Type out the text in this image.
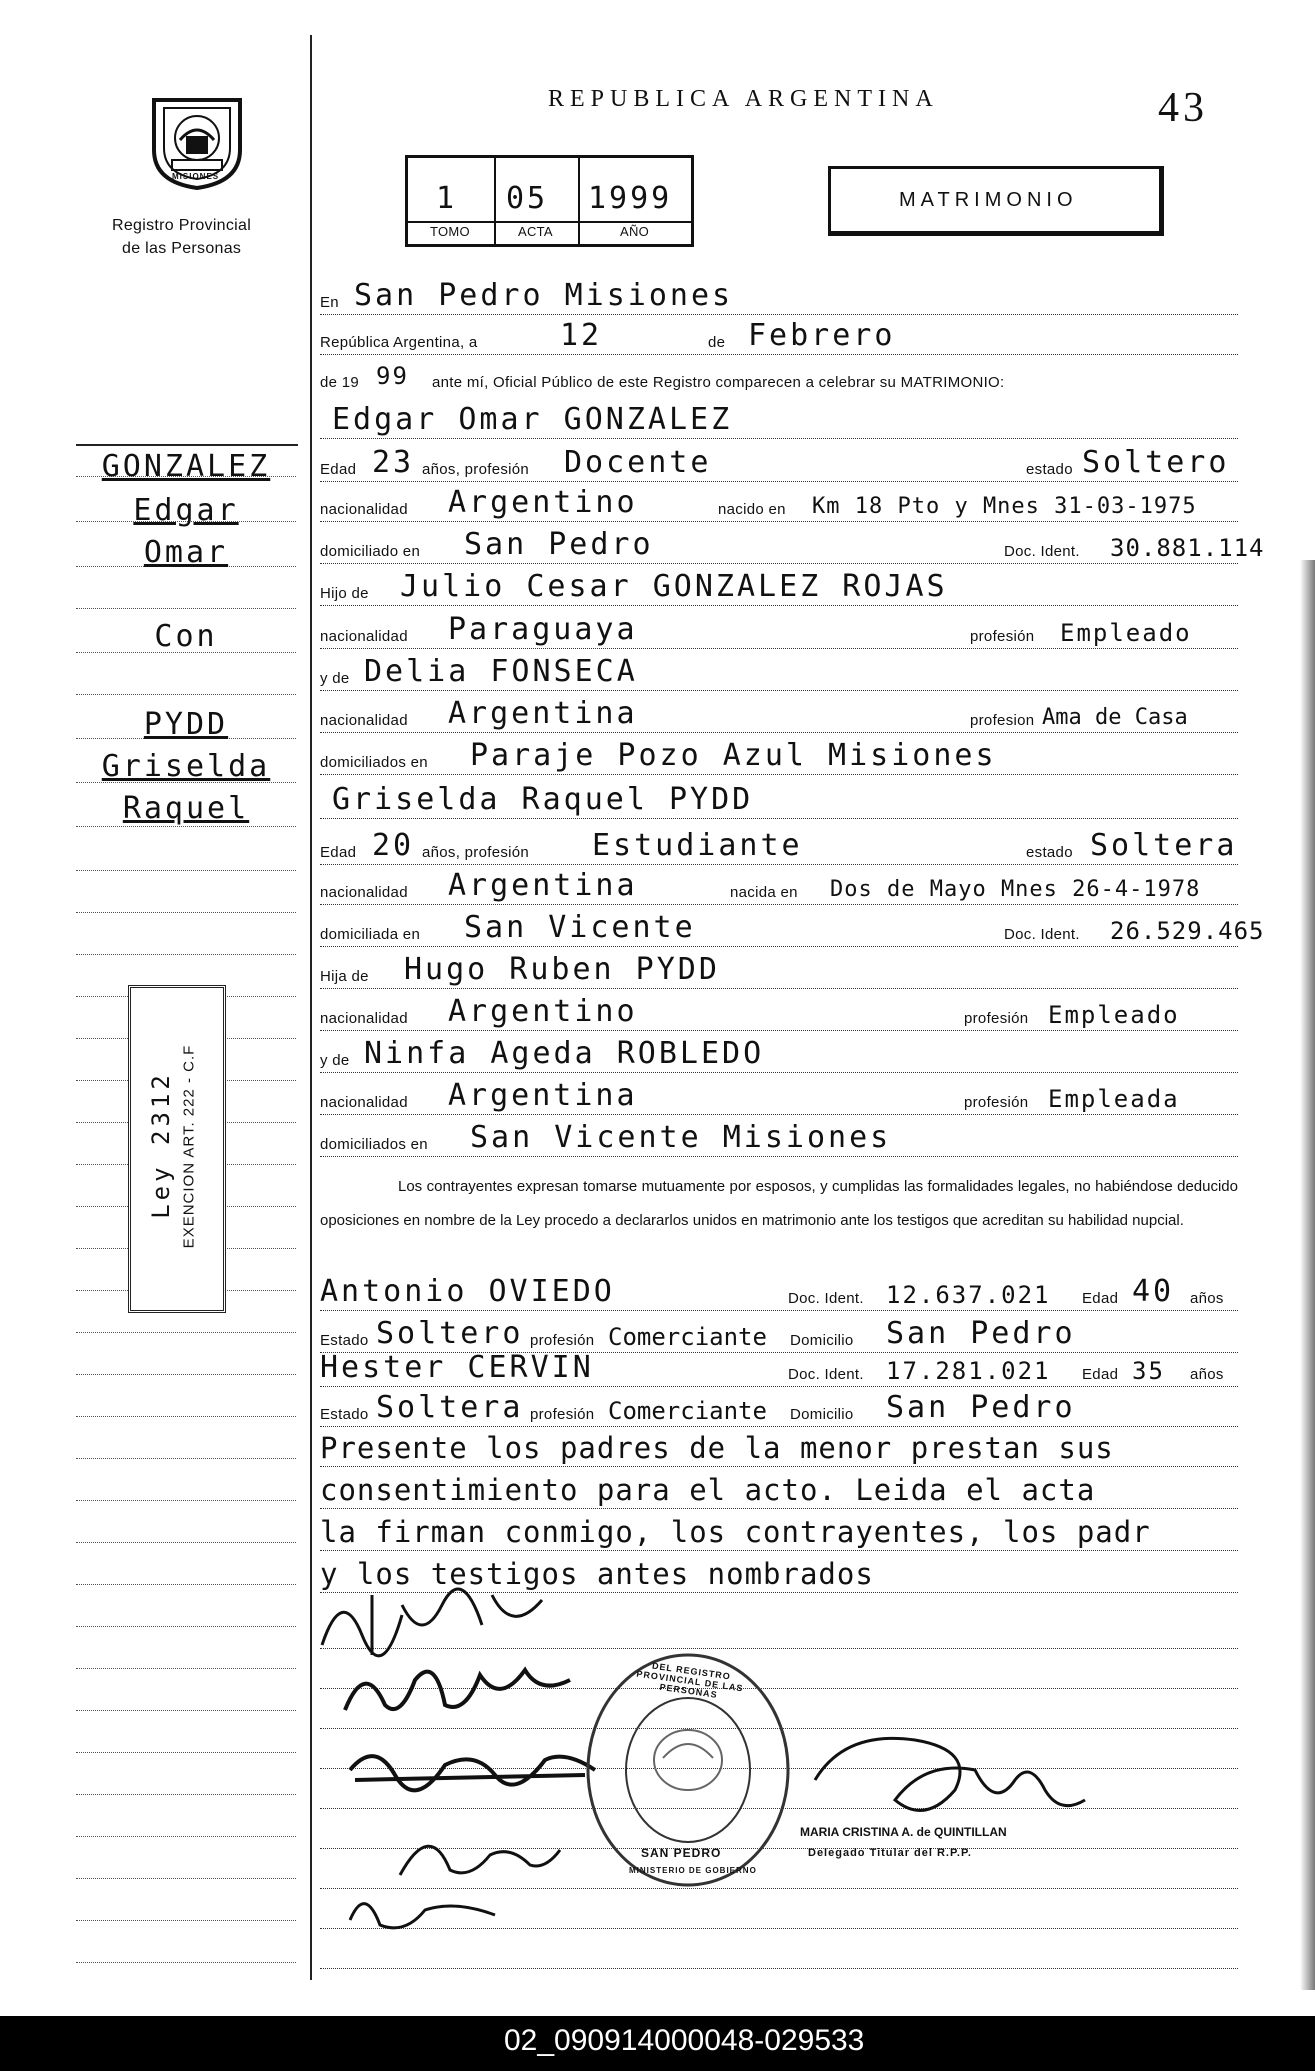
MISIONES
Registro Provincial
de las Personas
REPUBLICA ARGENTINA	43
1 05 1999
TOMO	ACTA	AÑO
MATRIMONIO
En San Pedro Misiones
República Argentina, a	12	de Febrero
de 19 99 ante mí, Oficial Público de este Registro comparecen a celebrar su MATRIMONIO:
Edgar Omar GONZALEZ
Edad 23 años, profesión Docente	estado Soltero
nacionalidad Argentino	nacido en Km 18 Pto y Mnes 31-03-1975
domiciliado en San Pedro	Doc. Ident. 30.881.114
Hijo de Julio Cesar GONZALEZ ROJAS
nacionalidad Paraguaya	profesión Empleado
y de Delia FONSECA
nacionalidad Argentina	profesion Ama de Casa
domiciliados en Paraje Pozo Azul Misiones
Griselda Raquel PYDD
Edad 20 años, profesión Estudiante	estado Soltera
nacionalidad Argentina	nacida en Dos de Mayo Mnes 26-4-1978
domiciliada en San Vicente	Doc. Ident. 26.529.465
Hija de Hugo Ruben PYDD
nacionalidad Argentino	profesión Empleado
y de Ninfa Ageda ROBLEDO
nacionalidad Argentina	profesión Empleada
domiciliados en San Vicente Misiones
Los contrayentes expresan tomarse mutuamente por esposos, y cumplidas las formalidades legales, no habiéndose deducido oposiciones en nombre de la Ley procedo a declararlos unidos en matrimonio ante los testigos que acreditan su habilidad nupcial.
Antonio OVIEDO	Doc. Ident. 12.637.021 Edad 40 años
Estado Soltero profesión Comerciante Domicilio San Pedro
Hester CERVIN	Doc. Ident. 17.281.021 Edad 35 años
Estado Soltera profesión Comerciante Domicilio San Pedro
Presente los padres de la menor prestan sus
consentimiento para el acto. Leida el acta
la firman conmigo, los contrayentes, los padr
y los testigos antes nombrados
GONZALEZ
Edgar
Omar
Con
PYDD
Griselda
Raquel
Ley 2312 EXENCION ART. 222 - C.F
DEL REGISTRO PROVINCIAL DE LAS PERSONAS
SAN PEDRO
MINISTERIO DE GOBIERNO
MARIA CRISTINA A. de QUINTILLAN
Delegado Titular del R.P.P.
02_090914000048-029533
